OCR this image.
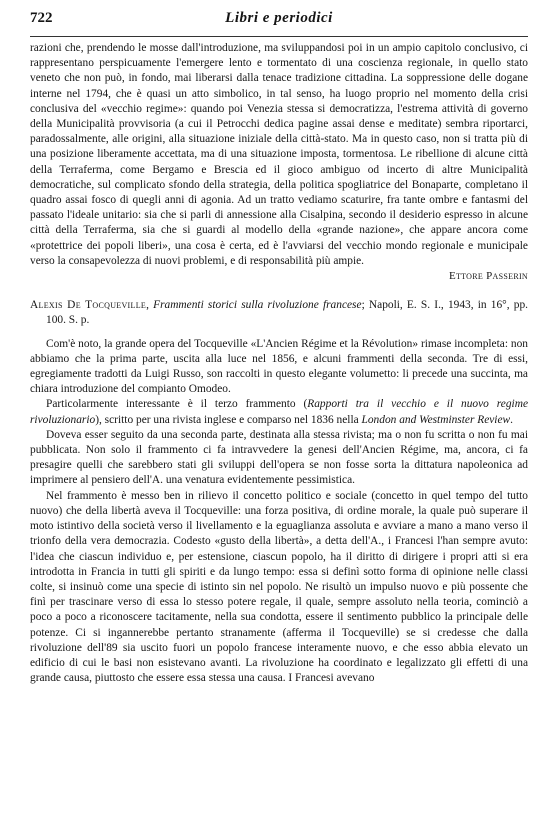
722	Libri e periodici

razioni che, prendendo le mosse dall'introduzione, ma sviluppandosi poi in un ampio capitolo conclusivo, ci rappresentano perspicuamente l'emergere lento e tormentato di una coscienza regionale, in quello stato veneto che non può, in fondo, mai liberarsi dalla tenace tradizione cittadina. La soppressione delle dogane interne nel 1794, che è quasi un atto simbolico, in tal senso, ha luogo proprio nel momento della crisi conclusiva del «vecchio regime»: quando poi Venezia stessa si democratizza, l'estrema attività di governo della Municipalità provvisoria (a cui il Petrocchi dedica pagine assai dense e meditate) sembra riportarci, paradossalmente, alle origini, alla situazione iniziale della città-stato. Ma in questo caso, non si tratta più di una posizione liberamente accettata, ma di una situazione imposta, tormentosa. Le ribellione di alcune città della Terraferma, come Bergamo e Brescia ed il gioco ambiguo od incerto di altre Municipalità democratiche, sul complicato sfondo della strategia, della politica spogliatrice del Bonaparte, completano il quadro assai fosco di quegli anni di agonia. Ad un tratto vediamo scaturire, fra tante ombre e fantasmi del passato l'ideale unitario: sia che si parli di annessione alla Cisalpina, secondo il desiderio espresso in alcune città della Terraferma, sia che si guardi al modello della «grande nazione», che appare ancora come «protettrice dei popoli liberi», una cosa è certa, ed è l'avviarsi del vecchio mondo regionale e municipale verso la consapevolezza di nuovi problemi, e di responsabilità più ampie.

Ettore Passerin

Alexis De Tocqueville, Frammenti storici sulla rivoluzione francese; Napoli, E. S. I., 1943, in 16°, pp. 100. S. p.

Com'è noto, la grande opera del Tocqueville «L'Ancien Régime et la Révolution» rimase incompleta: non abbiamo che la prima parte, uscita alla luce nel 1856, e alcuni frammenti della seconda. Tre di essi, egregiamente tradotti da Luigi Russo, son raccolti in questo elegante volumetto: li precede una succinta, ma chiara introduzione del compianto Omodeo.

Particolarmente interessante è il terzo frammento (Rapporti tra il vecchio e il nuovo regime rivoluzionario), scritto per una rivista inglese e comparso nel 1836 nella London and Westminster Review.

Doveva esser seguito da una seconda parte, destinata alla stessa rivista; ma o non fu scritta o non fu mai pubblicata. Non solo il frammento ci fa intravvedere la genesi dell'Ancien Régime, ma, ancora, ci fa presagire quelli che sarebbero stati gli sviluppi dell'opera se non fosse sorta la dittatura napoleonica ad imprimere al pensiero dell'A. una venatura evidentemente pessimistica.

Nel frammento è messo ben in rilievo il concetto politico e sociale (concetto in quel tempo del tutto nuovo) che della libertà aveva il Tocqueville: una forza positiva, di ordine morale, la quale può superare il moto istintivo della società verso il livellamento e la eguaglianza assoluta e avviare a mano a mano verso il trionfo della vera democrazia. Codesto «gusto della libertà», a detta dell'A., i Francesi l'han sempre avuto: l'idea che ciascun individuo e, per estensione, ciascun popolo, ha il diritto di dirigere i propri atti si era introdotta in Francia in tutti gli spiriti e da lungo tempo: essa si definì sotto forma di opinione nelle classi colte, si insinuò come una specie di istinto sin nel popolo. Ne risultò un impulso nuovo e più possente che finì per trascinare verso di essa lo stesso potere regale, il quale, sempre assoluto nella teoria, cominciò a poco a poco a riconoscere tacitamente, nella sua condotta, essere il sentimento pubblico la principale delle potenze. Ci si ingannerebbe pertanto stranamente (afferma il Tocqueville) se si credesse che dalla rivoluzione dell'89 sia uscito fuori un popolo francese interamente nuovo, e che esso abbia elevato un edificio di cui le basi non esistevano avanti. La rivoluzione ha coordinato e legalizzato gli effetti di una grande causa, piuttosto che essere essa stessa una causa. I Francesi avevano
